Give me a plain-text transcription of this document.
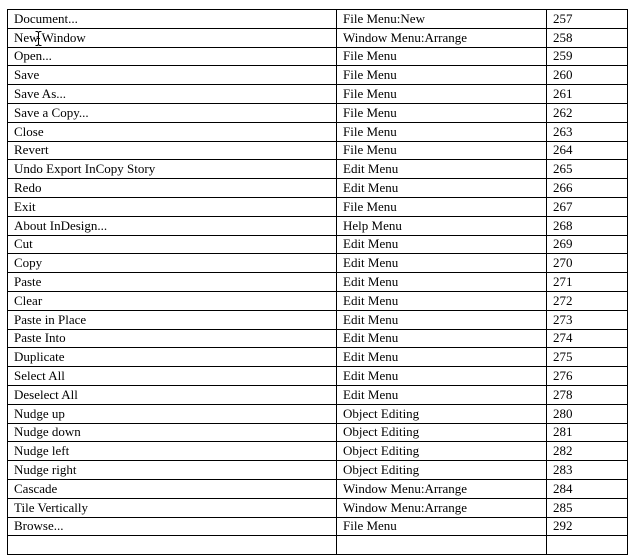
Document...	File Menu:New	257
New Window	Window Menu:Arrange	258
Open...	File Menu	259
Save	File Menu	260
Save As...	File Menu	261
Save a Copy...	File Menu	262
Close	File Menu	263
Revert	File Menu	264
Undo Export InCopy Story	Edit Menu	265
Redo	Edit Menu	266
Exit	File Menu	267
About InDesign...	Help Menu	268
Cut	Edit Menu	269
Copy	Edit Menu	270
Paste	Edit Menu	271
Clear	Edit Menu	272
Paste in Place	Edit Menu	273
Paste Into	Edit Menu	274
Duplicate	Edit Menu	275
Select All	Edit Menu	276
Deselect All	Edit Menu	278
Nudge up	Object Editing	280
Nudge down	Object Editing	281
Nudge left	Object Editing	282
Nudge right	Object Editing	283
Cascade	Window Menu:Arrange	284
Tile Vertically	Window Menu:Arrange	285
Browse...	File Menu	292
